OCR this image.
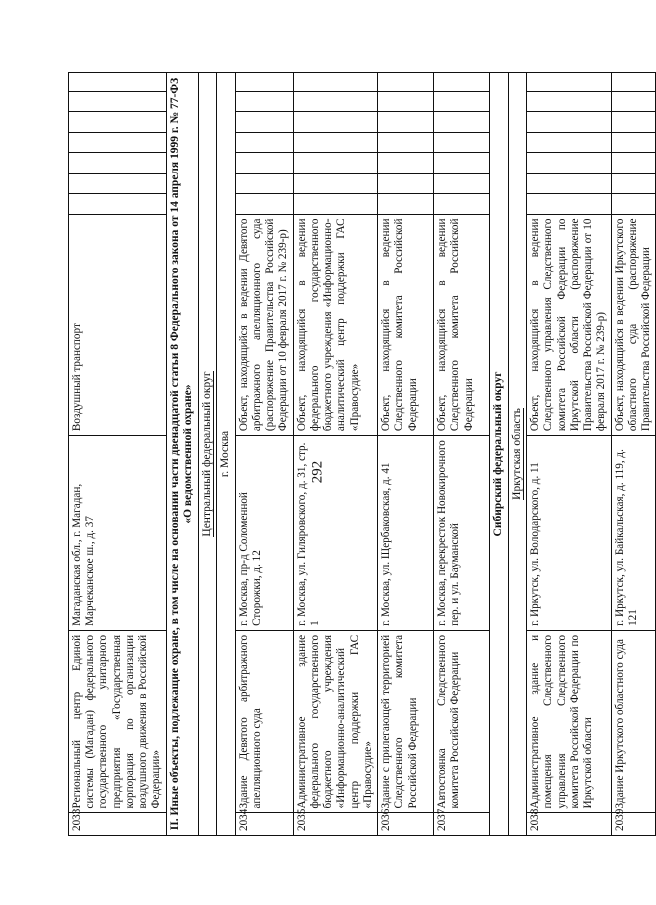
292
2033	Региональный центр Единой системы (Магадан) федерального государственного унитарного предприятия «Государственная корпорация по организации воздушного движения в Российской Федерации»	Магаданская обл., г. Магадан, Марчеканское ш., д. 37	Воздушный транспорт							
II. Иные объекты, подлежащие охране, в том числе на основании части двенадцатой статьи 8 Федерального закона от 14 апреля 1999 г. № 77-ФЗ «О ведомственной охране»										
Центральный федеральный округ										
г. Москва										
2034	Здание Девятого арбитражного апелляционного суда	г. Москва, пр-д Соломенной Сторожки, д. 12	Объект, находящийся в ведении Девятого арбитражного апелляционного суда (распоряжение Правительства Российской Федерации от 10 февраля 2017 г. № 239-р)							
2035	Административное здание федерального государственного бюджетного учреждения «Информационно-аналитический центр поддержки ГАС «Правосудие»	г. Москва, ул. Гиляровского, д. 31, стр. 1	Объект, находящийся в ведении федерального государственного бюджетного учреждения «Информационно-аналитический центр поддержки ГАС «Правосудие»							
2036	Здание с прилегающей территорией Следственного комитета Российской Федерации	г. Москва, ул. Щербаковская, д. 41	Объект, находящийся в ведении Следственного комитета Российской Федерации							
2037	Автостоянка Следственного комитета Российской Федерации	г. Москва, перекресток Новокирочного пер. и ул. Бауманской	Объект, находящийся в ведении Следственного комитета Российской Федерации							
Сибирский федеральный округ										
Иркутская область										
2038	Административное здание и помещения Следственного управления Следственного комитета Российской Федерации по Иркутской области	г. Иркутск, ул. Володарского, д. 11	Объект, находящийся в ведении Следственного управления Следственного комитета Российской Федерации по Иркутской области (распоряжение Правительства Российской Федерации от 10 февраля 2017 г. № 239-р)							
2039	Здание Иркутского областного суда	г. Иркутск, ул. Байкальская, д. 119, д. 121	Объект, находящийся в ведении Иркутского областного суда (распоряжение Правительства Российской Федерации							
